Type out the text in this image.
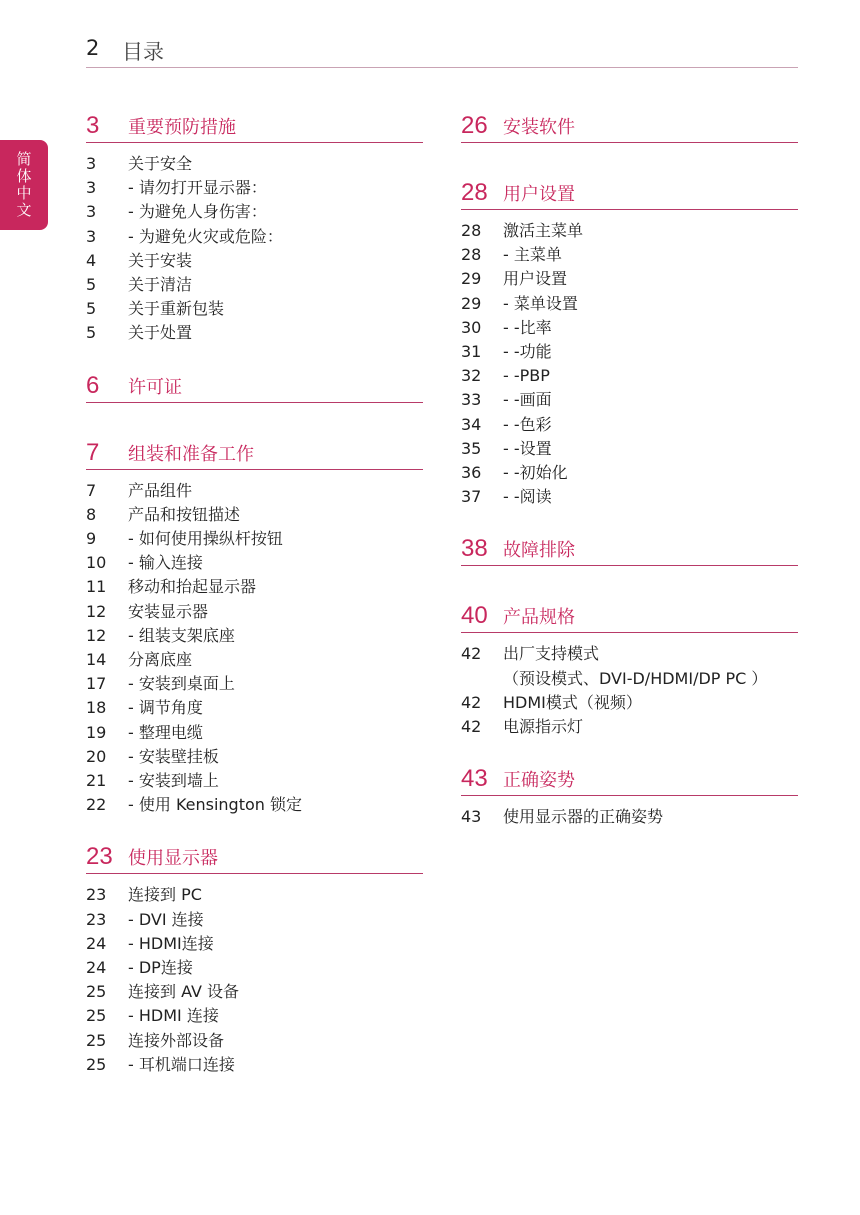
2 目录
简体中文
3	重要预防措施
3	关于安全
3	- 请勿打开显示器：
3	- 为避免人身伤害：
3	- 为避免火灾或危险：
4	关于安装
5	关于清洁
5	关于重新包装
5	关于处置
6	许可证
7	组装和准备工作
7	产品组件
8	产品和按钮描述
9	- 如何使用操纵杆按钮
10	- 输入连接
11	移动和抬起显示器
12	安装显示器
12	- 组装支架底座
14	分离底座
17	- 安装到桌面上
18	- 调节角度
19	- 整理电缆
20	- 安装壁挂板
21	- 安装到墙上
22	- 使用 Kensington 锁定
23 使用显示器
23	连接到 PC
23	- DVI 连接
24	- HDMI连接
24	- DP连接
25	连接到 AV 设备
25	- HDMI 连接
25	连接外部设备
25	- 耳机端口连接
26 安装软件
28 用户设置
28	激活主菜单
28	- 主菜单
29	用户设置
29	- 菜单设置
30	- -比率
31	- -功能
32	- -PBP
33	- -画面
34	- -色彩
35	- -设置
36	- -初始化
37	- -阅读
38 故障排除
40 产品规格
42	出厂支持模式
（预设模式、DVI-D/HDMI/DP PC ）
42	HDMI模式（视频）
42	电源指示灯
43 正确姿势
43	使用显示器的正确姿势
